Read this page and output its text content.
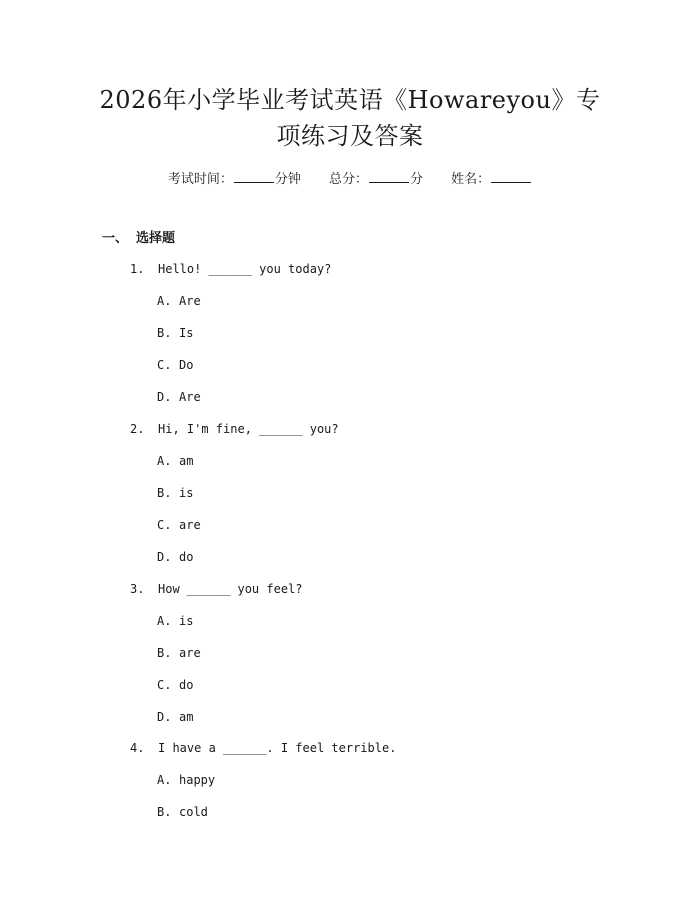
2026年小学毕业考试英语《Howareyou》专
项练习及答案
考试时间：	分钟 总分：	分 姓名：
一、 选择题
1. Hello! ______ you today?
A. Are
B. Is
C. Do
D. Are
2. Hi, I'm fine, ______ you?
A. am
B. is
C. are
D. do
3. How ______ you feel?
A. is
B. are
C. do
D. am
4. I have a ______. I feel terrible.
A. happy
B. cold
